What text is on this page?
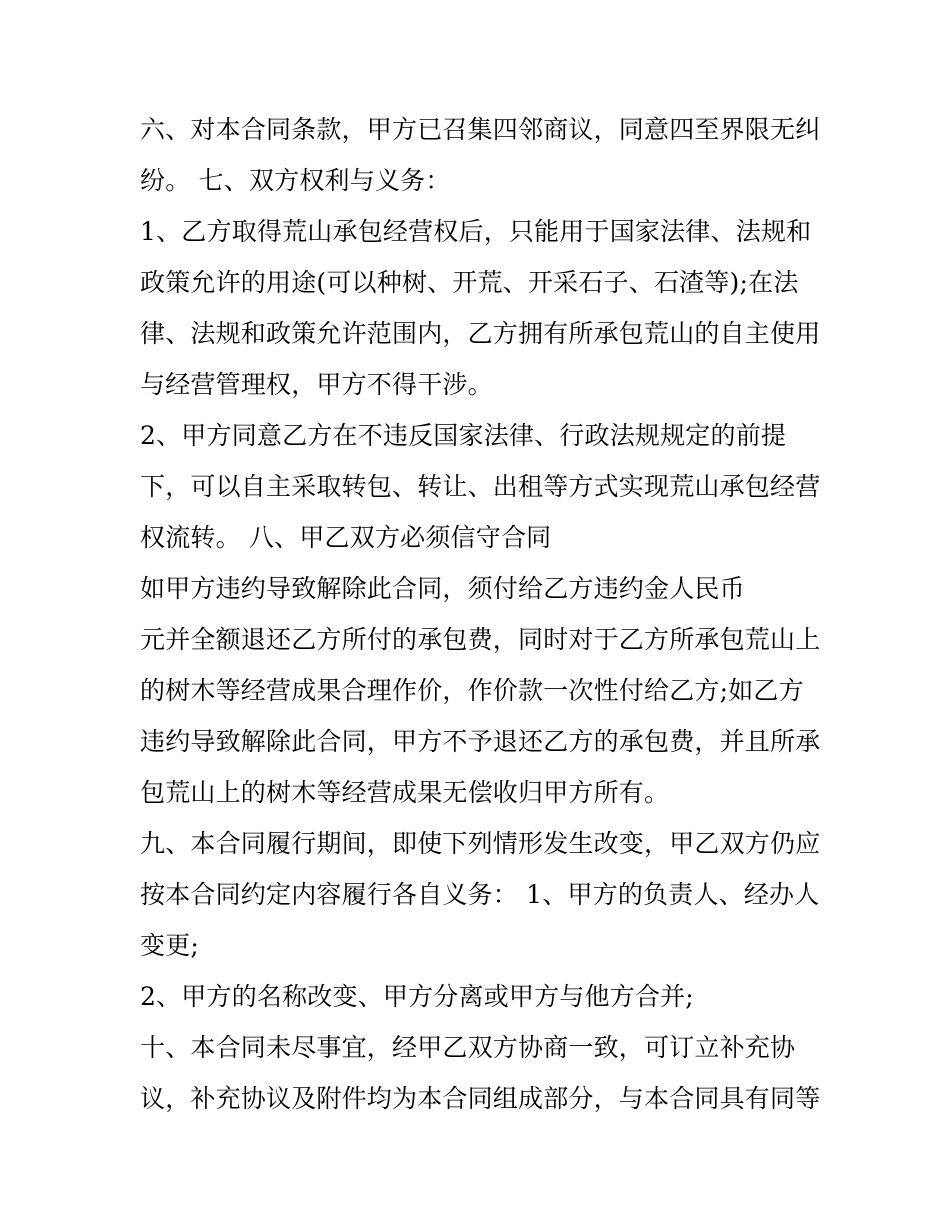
六、对本合同条款，甲方已召集四邻商议，同意四至界限无纠
纷。 七、双方权利与义务：
1、乙方取得荒山承包经营权后，只能用于国家法律、法规和
政策允许的用途(可以种树、开荒、开采石子、石渣等);在法
律、法规和政策允许范围内，乙方拥有所承包荒山的自主使用
与经营管理权，甲方不得干涉。
2、甲方同意乙方在不违反国家法律、行政法规规定的前提
下，可以自主采取转包、转让、出租等方式实现荒山承包经营
权流转。 八、甲乙双方必须信守合同
如甲方违约导致解除此合同，须付给乙方违约金人民币
元并全额退还乙方所付的承包费，同时对于乙方所承包荒山上
的树木等经营成果合理作价，作价款一次性付给乙方;如乙方
违约导致解除此合同，甲方不予退还乙方的承包费，并且所承
包荒山上的树木等经营成果无偿收归甲方所有。
九、本合同履行期间，即使下列情形发生改变，甲乙双方仍应
按本合同约定内容履行各自义务： 1、甲方的负责人、经办人
变更;
2、甲方的名称改变、甲方分离或甲方与他方合并;
十、本合同未尽事宜，经甲乙双方协商一致，可订立补充协
议，补充协议及附件均为本合同组成部分，与本合同具有同等
